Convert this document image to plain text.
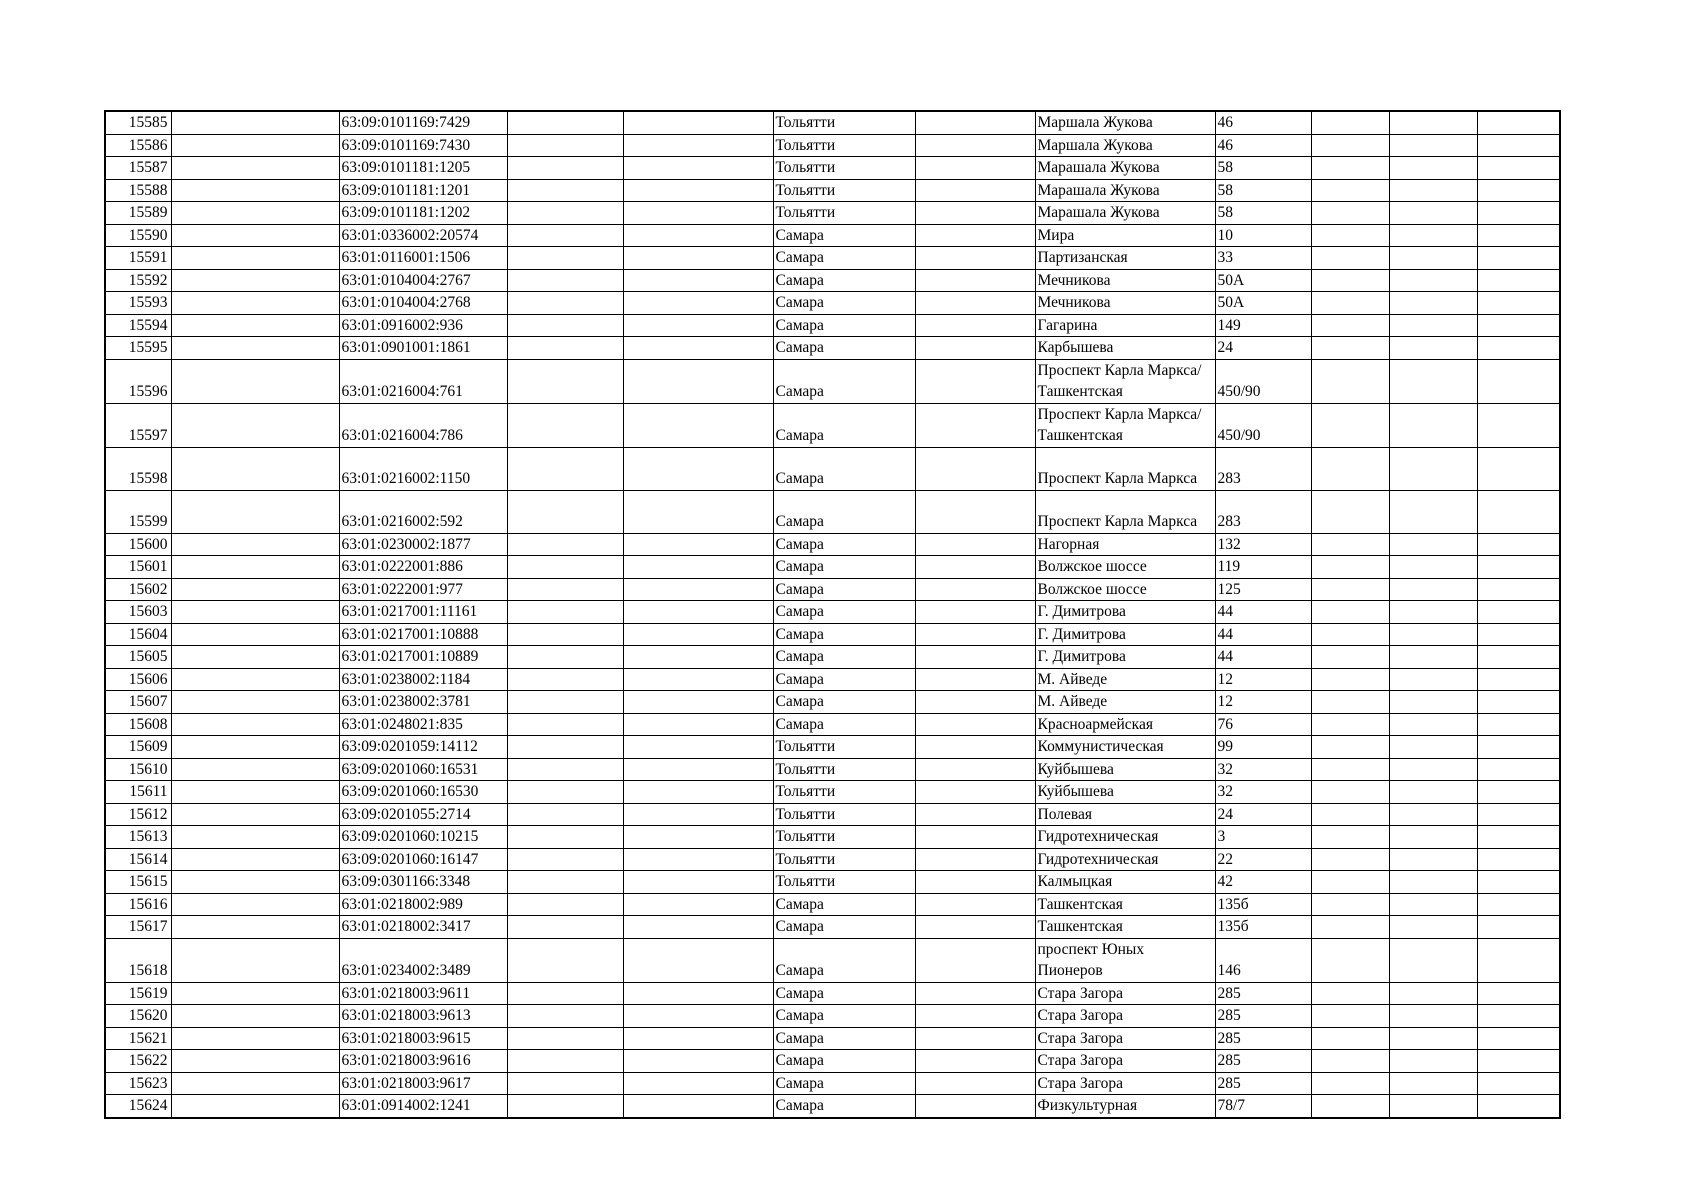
15585		63:09:0101169:7429			Тольятти		Маршала Жукова	46			
15586		63:09:0101169:7430			Тольятти		Маршала Жукова	46			
15587		63:09:0101181:1205			Тольятти		Марашала Жукова	58			
15588		63:09:0101181:1201			Тольятти		Марашала Жукова	58			
15589		63:09:0101181:1202			Тольятти		Марашала Жукова	58			
15590		63:01:0336002:20574			Самара		Мира	10			
15591		63:01:0116001:1506			Самара		Партизанская	33			
15592		63:01:0104004:2767			Самара		Мечникова	50А			
15593		63:01:0104004:2768			Самара		Мечникова	50А			
15594		63:01:0916002:936			Самара		Гагарина	149			
15595		63:01:0901001:1861			Самара		Карбышева	24			
15596		63:01:0216004:761			Самара		Проспект Карла Маркса/Ташкентская	450/90			
15597		63:01:0216004:786			Самара		Проспект Карла Маркса/Ташкентская	450/90			
15598		63:01:0216002:1150			Самара		Проспект Карла Маркса	283			
15599		63:01:0216002:592			Самара		Проспект Карла Маркса	283			
15600		63:01:0230002:1877			Самара		Нагорная	132			
15601		63:01:0222001:886			Самара		Волжское шоссе	119			
15602		63:01:0222001:977			Самара		Волжское шоссе	125			
15603		63:01:0217001:11161			Самара		Г. Димитрова	44			
15604		63:01:0217001:10888			Самара		Г. Димитрова	44			
15605		63:01:0217001:10889			Самара		Г. Димитрова	44			
15606		63:01:0238002:1184			Самара		М. Айведе	12			
15607		63:01:0238002:3781			Самара		М. Айведе	12			
15608		63:01:0248021:835			Самара		Красноармейская	76			
15609		63:09:0201059:14112			Тольятти		Коммунистическая	99			
15610		63:09:0201060:16531			Тольятти		Куйбышева	32			
15611		63:09:0201060:16530			Тольятти		Куйбышева	32			
15612		63:09:0201055:2714			Тольятти		Полевая	24			
15613		63:09:0201060:10215			Тольятти		Гидротехническая	3			
15614		63:09:0201060:16147			Тольятти		Гидротехническая	22			
15615		63:09:0301166:3348			Тольятти		Калмыцкая	42			
15616		63:01:0218002:989			Самара		Ташкентская	135б			
15617		63:01:0218002:3417			Самара		Ташкентская	135б			
15618		63:01:0234002:3489			Самара		проспект Юных Пионеров	146			
15619		63:01:0218003:9611			Самара		Стара Загора	285			
15620		63:01:0218003:9613			Самара		Стара Загора	285			
15621		63:01:0218003:9615			Самара		Стара Загора	285			
15622		63:01:0218003:9616			Самара		Стара Загора	285			
15623		63:01:0218003:9617			Самара		Стара Загора	285			
15624		63:01:0914002:1241			Самара		Физкультурная	78/7			
